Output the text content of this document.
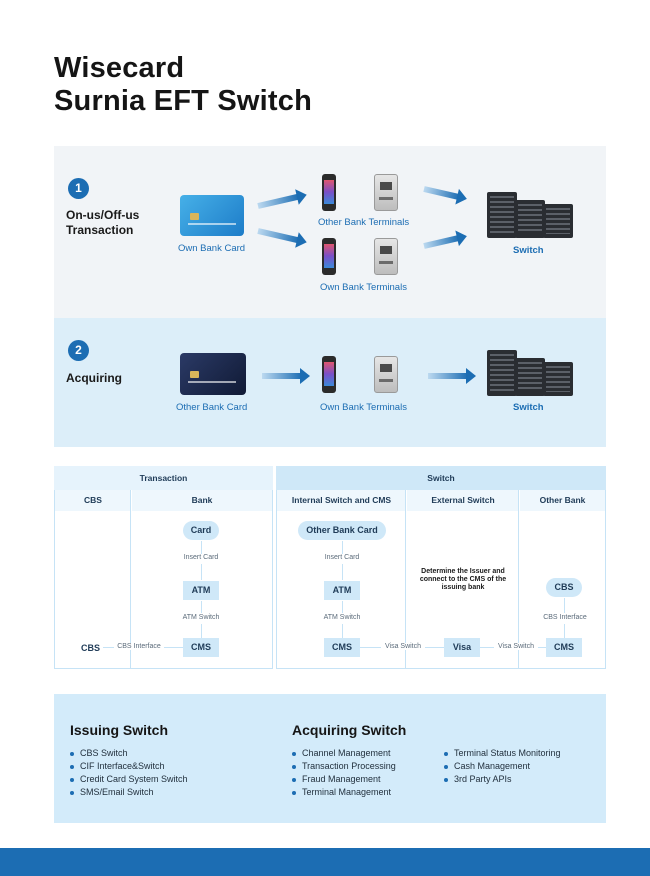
Wisecard
Surnia EFT Switch
1
On-us/Off-us
Transaction
Own Bank Card
Other Bank Terminals
Own Bank Terminals
Switch
2
Acquiring
Other Bank Card	Own Bank Terminals	Switch
Transaction	Switch
CBS	Bank	Internal Switch and CMS	External Switch	Other Bank
Card
Insert Card
ATM
ATM Switch
CMS
CBS	CBS Interface
Other Bank Card
Insert Card
ATM
ATM Switch
CMS
Determine the Issuer and connect to the CMS of the issuing bank
Visa Switch	Visa	Visa Switch
CBS
CBS Interface
CMS
Issuing Switch
CBS Switch
CIF Interface&Switch
Credit Card System Switch
SMS/Email Switch
Acquiring Switch
Channel Management
Transaction Processing
Fraud Management
Terminal Management
Terminal Status Monitoring
Cash Management
3rd Party APIs
